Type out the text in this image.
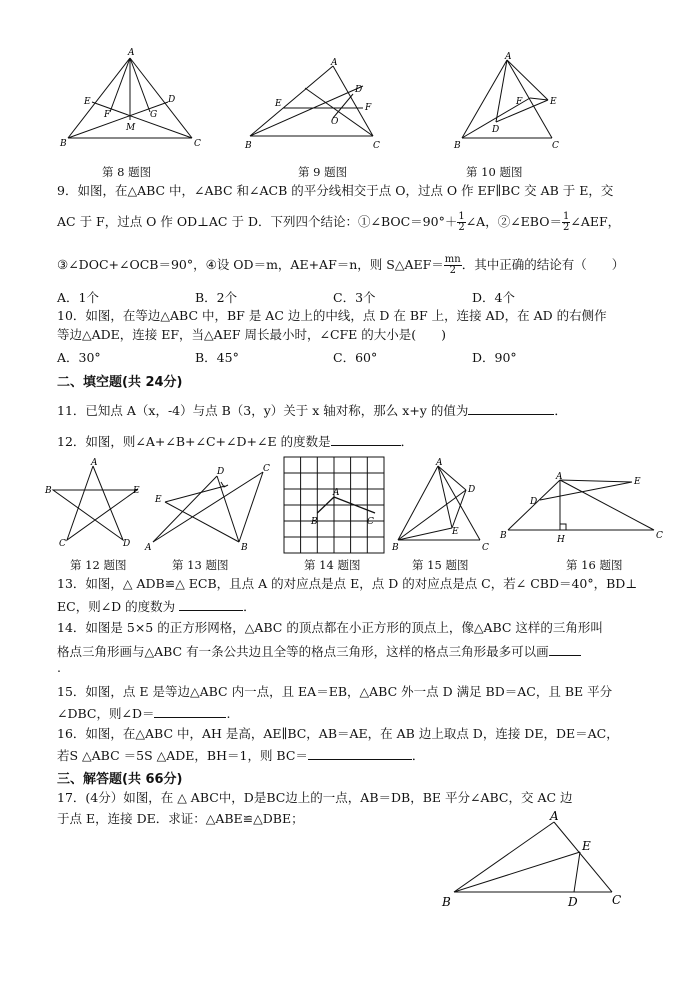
A
B	C
D
E
F	G
M
第 8 题图
A
B	C
D
E	F
O
第 9 题图
A
B	C
D
E
F
第 10 题图
9．如图，在△ABC 中，∠ABC 和∠ACB 的平分线相交于点 O，过点 O 作 EF∥BC 交 AB 于 E，交
AC 于 F，过点 O 作 OD⊥AC 于 D．下列四个结论：①∠BOC＝90°＋ $\frac{1}{2}$ ∠A，②∠EBO＝ $\frac{1}{2}$ ∠AEF，
③∠DOC+∠OCB＝90°，④设 OD＝m，AE+AF＝n，则 S△AEF＝ $\frac{mn}{2}$ ．其中正确的结论有（　　）
A．1个	B．2个	C．3个	D．4个
10．如图，在等边△ABC 中，BF 是 AC 边上的中线，点 D 在 BF 上，连接 AD，在 AD 的右侧作
等边△ADE，连接 EF，当△AEF 周长最小时，∠CFE 的大小是(　　)
A．30°	B．45°	C．60°	D．90°
二、填空题(共 24分)
11．已知点 A（x，-4）与点 B（3，y）关于 x 轴对称，那么 x+y 的值为	．
12．如图，则∠A+∠B+∠C+∠D+∠E 的度数是	．
A
B
C	D
E
第 12 题图
A	B
C
D
E
第 13 题图
A
B	C
第 14 题图
A
B	C
D
E
第 15 题图
A
B	C
D
E
H
第 16 题图
13．如图，△ ADB≌△ ECB，且点 A 的对应点是点 E，点 D 的对应点是点 C，若∠ CBD＝40°，BD⊥
EC，则∠D 的度数为	．
14．如图是 5×5 的正方形网格，△ABC 的顶点都在小正方形的顶点上，像△ABC 这样的三角形叫
格点三角形画与△ABC 有一条公共边且全等的格点三角形，这样的格点三角形最多可以画
.
15．如图，点 E 是等边△ABC 内一点，且 EA＝EB，△ABC 外一点 D 满足 BD＝AC，且 BE 平分
∠DBC，则∠D＝	.
16．如图，在△ABC 中，AH 是高，AE∥BC，AB＝AE，在 AB 边上取点 D，连接 DE，DE＝AC，
若S △ABC ＝5S △ADE，BH＝1，则 BC＝	．
三、解答题(共 66分)
17．(4分）如图，在 △ ABC中，D是BC边上的一点，AB＝DB，BE 平分∠ABC，交 AC 边
于点 E，连接 DE．求证：△ABE≌△DBE；	A
B	C
D
E
